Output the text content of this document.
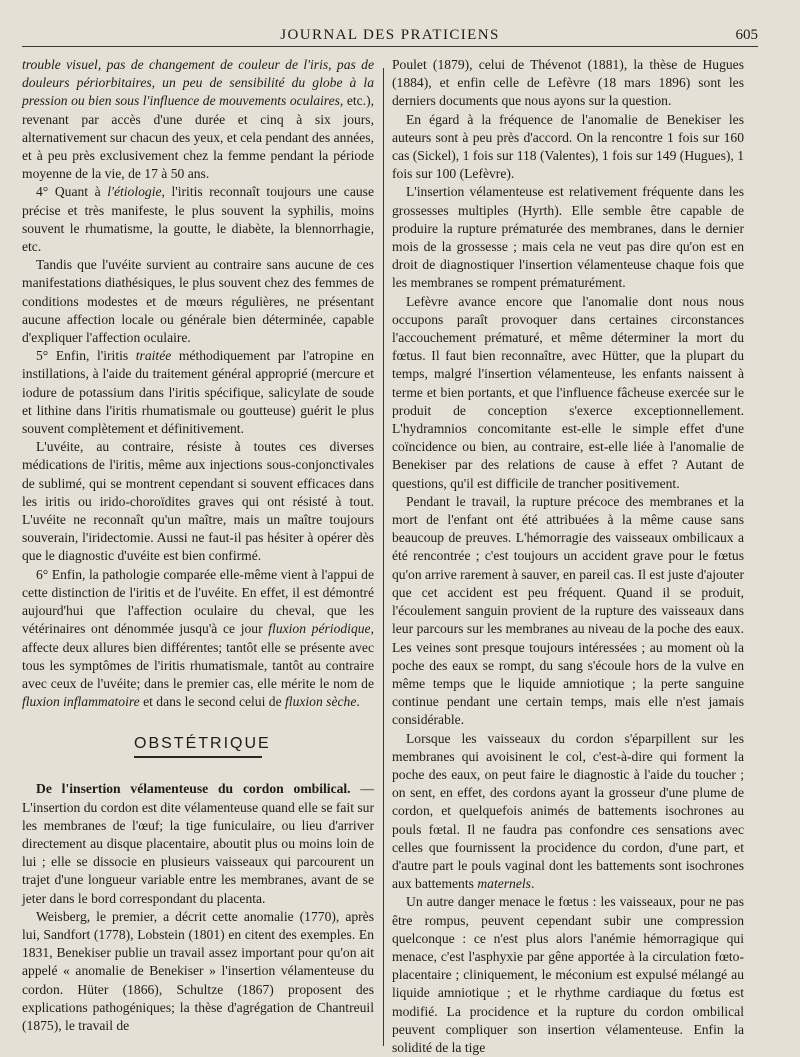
JOURNAL DES PRATICIENS	605

trouble visuel, pas de changement de couleur de l'iris, pas de douleurs périorbitaires, un peu de sensibilité du globe à la pression ou bien sous l'influence de mouvements oculaires, etc.), revenant par accès d'une durée et cinq à six jours, alternativement sur chacun des yeux, et cela pendant des années, et à peu près exclusivement chez la femme pendant la période moyenne de la vie, de 17 à 50 ans.

4° Quant à l'étiologie, l'iritis reconnaît toujours une cause précise et très manifeste, le plus souvent la syphilis, moins souvent le rhumatisme, la goutte, le diabète, la blennorrhagie, etc.

Tandis que l'uvéite survient au contraire sans aucune de ces manifestations diathésiques, le plus souvent chez des femmes de conditions modestes et de mœurs régulières, ne présentant aucune affection locale ou générale bien déterminée, capable d'expliquer l'affection oculaire.

5° Enfin, l'iritis traitée méthodiquement par l'atropine en instillations, à l'aide du traitement général approprié (mercure et iodure de potassium dans l'iritis spécifique, salicylate de soude et lithine dans l'iritis rhumatismale ou goutteuse) guérit le plus souvent complètement et définitivement.

L'uvéite, au contraire, résiste à toutes ces diverses médications de l'iritis, même aux injections sous-conjonctivales de sublimé, qui se montrent cependant si souvent efficaces dans les iritis ou irido-choroïdites graves qui ont résisté à tout. L'uvéite ne reconnaît qu'un maître, mais un maître toujours souverain, l'iridectomie. Aussi ne faut-il pas hésiter à opérer dès que le diagnostic d'uvéite est bien confirmé.

6° Enfin, la pathologie comparée elle-même vient à l'appui de cette distinction de l'iritis et de l'uvéite. En effet, il est démontré aujourd'hui que l'affection oculaire du cheval, que les vétérinaires ont dénommée jusqu'à ce jour fluxion périodique, affecte deux allures bien différentes; tantôt elle se présente avec tous les symptômes de l'iritis rhumatismale, tantôt au contraire avec ceux de l'uvéite; dans le premier cas, elle mérite le nom de fluxion inflammatoire et dans le second celui de fluxion sèche.

OBSTÉTRIQUE

De l'insertion vélamenteuse du cordon ombilical. — L'insertion du cordon est dite vélamenteuse quand elle se fait sur les membranes de l'œuf; la tige funiculaire, ou lieu d'arriver directement au disque placentaire, aboutit plus ou moins loin de lui ; elle se dissocie en plusieurs vaisseaux qui parcourent un trajet d'une longueur variable entre les membranes, avant de se jeter dans le bord correspondant du placenta.

Weisberg, le premier, a décrit cette anomalie (1770), après lui, Sandfort (1778), Lobstein (1801) en citent des exemples. En 1831, Benekiser publie un travail assez important pour qu'on ait appelé « anomalie de Benekiser » l'insertion vélamenteuse du cordon. Hüter (1866), Schultze (1867) proposent des explications pathogéniques; la thèse d'agrégation de Chantreuil (1875), le travail de

Poulet (1879), celui de Thévenot (1881), la thèse de Hugues (1884), et enfin celle de Lefèvre (18 mars 1896) sont les derniers documents que nous ayons sur la question.

En égard à la fréquence de l'anomalie de Benekiser les auteurs sont à peu près d'accord. On la rencontre 1 fois sur 160 cas (Sickel), 1 fois sur 118 (Valentes), 1 fois sur 149 (Hugues), 1 fois sur 100 (Lefèvre).

L'insertion vélamenteuse est relativement fréquente dans les grossesses multiples (Hyrth). Elle semble être capable de produire la rupture prématurée des membranes, dans le dernier mois de la grossesse ; mais cela ne veut pas dire qu'on est en droit de diagnostiquer l'insertion vélamenteuse chaque fois que les membranes se rompent prématurément.

Lefèvre avance encore que l'anomalie dont nous nous occupons paraît provoquer dans certaines circonstances l'accouchement prématuré, et même déterminer la mort du fœtus. Il faut bien reconnaître, avec Hütter, que la plupart du temps, malgré l'insertion vélamenteuse, les enfants naissent à terme et bien portants, et que l'influence fâcheuse exercée sur le produit de conception s'exerce exceptionnellement. L'hydramnios concomitante est-elle le simple effet d'une coïncidence ou bien, au contraire, est-elle liée à l'anomalie de Benekiser par des relations de cause à effet ? Autant de questions, qu'il est difficile de trancher positivement.

Pendant le travail, la rupture précoce des membranes et la mort de l'enfant ont été attribuées à la même cause sans beaucoup de preuves. L'hémorragie des vaisseaux ombilicaux a été rencontrée ; c'est toujours un accident grave pour le fœtus qu'on arrive rarement à sauver, en pareil cas. Il est juste d'ajouter que cet accident est peu fréquent. Quand il se produit, l'écoulement sanguin provient de la rupture des vaisseaux dans leur parcours sur les membranes au niveau de la poche des eaux. Les veines sont presque toujours intéressées ; au moment où la poche des eaux se rompt, du sang s'écoule hors de la vulve en même temps que le liquide amniotique ; la perte sanguine continue pendant une certain temps, mais elle n'est jamais considérable.

Lorsque les vaisseaux du cordon s'éparpillent sur les membranes qui avoisinent le col, c'est-à-dire qui forment la poche des eaux, on peut faire le diagnostic à l'aide du toucher ; on sent, en effet, des cordons ayant la grosseur d'une plume de cordon, et quelquefois animés de battements isochrones au pouls fœtal. Il ne faudra pas confondre ces sensations avec celles que fournissent la procidence du cordon, d'une part, et d'autre part le pouls vaginal dont les battements sont isochrones aux battements maternels.

Un autre danger menace le fœtus : les vaisseaux, pour ne pas être rompus, peuvent cependant subir une compression quelconque : ce n'est plus alors l'anémie hémorragique qui menace, c'est l'asphyxie par gêne apportée à la circulation fœto-placentaire ; cliniquement, le méconium est expulsé mélangé au liquide amniotique ; et le rhythme cardiaque du fœtus est modifié. La procidence et la rupture du cordon ombilical peuvent compliquer son insertion vélamenteuse. Enfin la solidité de la tige
